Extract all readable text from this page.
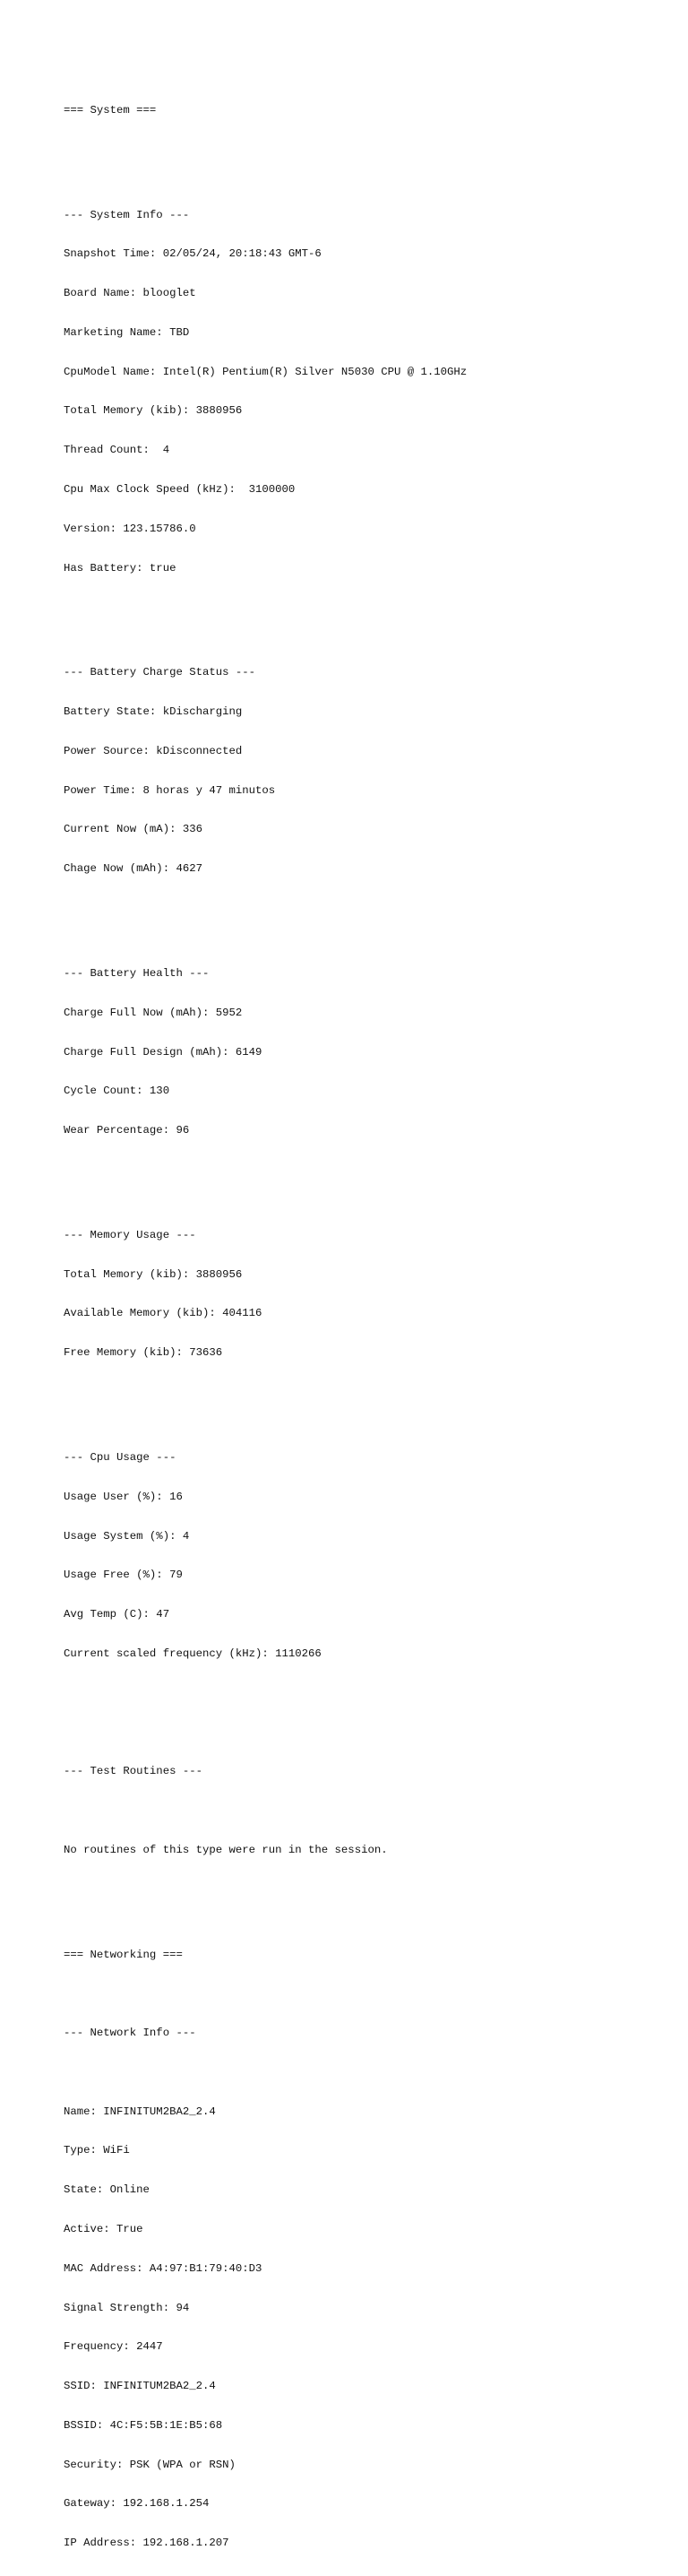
=== System ===

--- System Info ---

Snapshot Time: 02/05/24, 20:18:43 GMT-6

Board Name: blooglet

Marketing Name: TBD

CpuModel Name: Intel(R) Pentium(R) Silver N5030 CPU @ 1.10GHz

Total Memory (kib): 3880956

Thread Count:  4

Cpu Max Clock Speed (kHz):  3100000

Version: 123.15786.0

Has Battery: true

--- Battery Charge Status ---

Battery State: kDischarging

Power Source: kDisconnected

Power Time: 8 horas y 47 minutos

Current Now (mA): 336

Chage Now (mAh): 4627

--- Battery Health ---

Charge Full Now (mAh): 5952

Charge Full Design (mAh): 6149

Cycle Count: 130

Wear Percentage: 96

--- Memory Usage ---

Total Memory (kib): 3880956

Available Memory (kib): 404116

Free Memory (kib): 73636

--- Cpu Usage ---

Usage User (%): 16

Usage System (%): 4

Usage Free (%): 79

Avg Temp (C): 47

Current scaled frequency (kHz): 1110266

--- Test Routines ---

No routines of this type were run in the session.

=== Networking ===

--- Network Info ---

Name: INFINITUM2BA2_2.4

Type: WiFi

State: Online

Active: True

MAC Address: A4:97:B1:79:40:D3

Signal Strength: 94

Frequency: 2447

SSID: INFINITUM2BA2_2.4

BSSID: 4C:F5:5B:1E:B5:68

Security: PSK (WPA or RSN)

Gateway: 192.168.1.254

IP Address: 192.168.1.207
